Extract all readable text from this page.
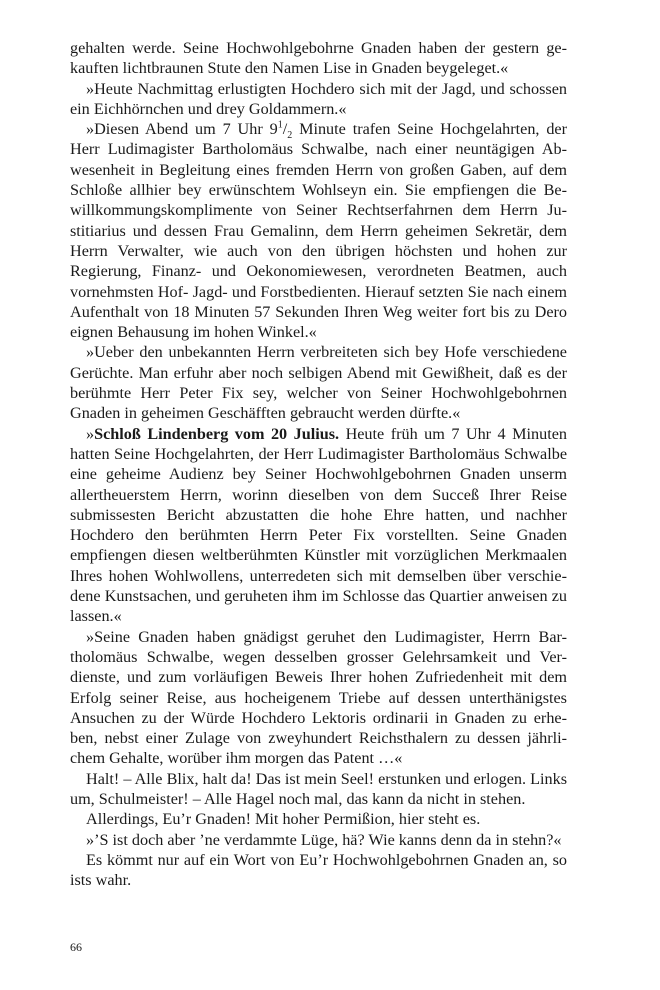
gehalten werde. Seine Hochwohlgebohrne Gnaden haben der gestern ge-kauften lichtbraunen Stute den Namen Lise in Gnaden beygeleget.«

»Heute Nachmittag erlustigten Hochdero sich mit der Jagd, und schossen ein Eichhörnchen und drey Goldammern.«

»Diesen Abend um 7 Uhr $9^1/_2$ Minute trafen Seine Hochgelahrten, der Herr Ludimagister Bartholomäus Schwalbe, nach einer neuntägigen Ab-wesenheit in Begleitung eines fremden Herrn von großen Gaben, auf dem Schloße allhier bey erwünschtem Wohlseyn ein. Sie empfiengen die Be-willkommungskomplimente von Seiner Rechtserfahrnen dem Herrn Ju-stitiarius und dessen Frau Gemalinn, dem Herrn geheimen Sekretär, dem Herrn Verwalter, wie auch von den übrigen höchsten und hohen zur Regierung, Finanz- und Oekonomiewesen, verordneten Beatmen, auch vornehmsten Hof- Jagd- und Forstbedienten. Hierauf setzten Sie nach einem Aufenthalt von 18 Minuten 57 Sekunden Ihren Weg weiter fort bis zu Dero eignen Behausung im hohen Winkel.«

»Ueber den unbekannten Herrn verbreiteten sich bey Hofe verschiedene Gerüchte. Man erfuhr aber noch selbigen Abend mit Gewißheit, daß es der berühmte Herr Peter Fix sey, welcher von Seiner Hochwohlgebohrnen Gnaden in geheimen Geschäfften gebraucht werden dürfte.«

»Schloß Lindenberg vom 20 Julius. Heute früh um 7 Uhr 4 Minuten hatten Seine Hochgelahrten, der Herr Ludimagister Bartholomäus Schwalbe eine geheime Audienz bey Seiner Hochwohlgebohrnen Gnaden unserm allertheuerstem Herrn, worinn dieselben von dem Succeß Ihrer Reise submissesten Bericht abzustatten die hohe Ehre hatten, und nachher Hochdero den berühmten Herrn Peter Fix vorstellten. Seine Gnaden empfiengen diesen weltberühmten Künstler mit vorzüglichen Merkmaalen Ihres hohen Wohlwollens, unterredeten sich mit demselben über verschie-dene Kunstsachen, und geruheten ihm im Schlosse das Quartier anweisen zu lassen.«

»Seine Gnaden haben gnädigst geruhet den Ludimagister, Herrn Bar-tholomäus Schwalbe, wegen desselben grosser Gelehrsamkeit und Ver-dienste, und zum vorläufigen Beweis Ihrer hohen Zufriedenheit mit dem Erfolg seiner Reise, aus hocheigenem Triebe auf dessen unterthänigstes Ansuchen zu der Würde Hochdero Lektoris ordinarii in Gnaden zu erhe-ben, nebst einer Zulage von zweyhundert Reichsthalern zu dessen jährli-chem Gehalte, worüber ihm morgen das Patent …«

Halt! – Alle Blix, halt da! Das ist mein Seel! erstunken und erlogen. Links um, Schulmeister! – Alle Hagel noch mal, das kann da nicht in stehen.

Allerdings, Eu’r Gnaden! Mit hoher Permißion, hier steht es.

»’S ist doch aber ’ne verdammte Lüge, hä? Wie kanns denn da in stehn?«

Es kömmt nur auf ein Wort von Eu’r Hochwohlgebohrnen Gnaden an, so ists wahr.

66
